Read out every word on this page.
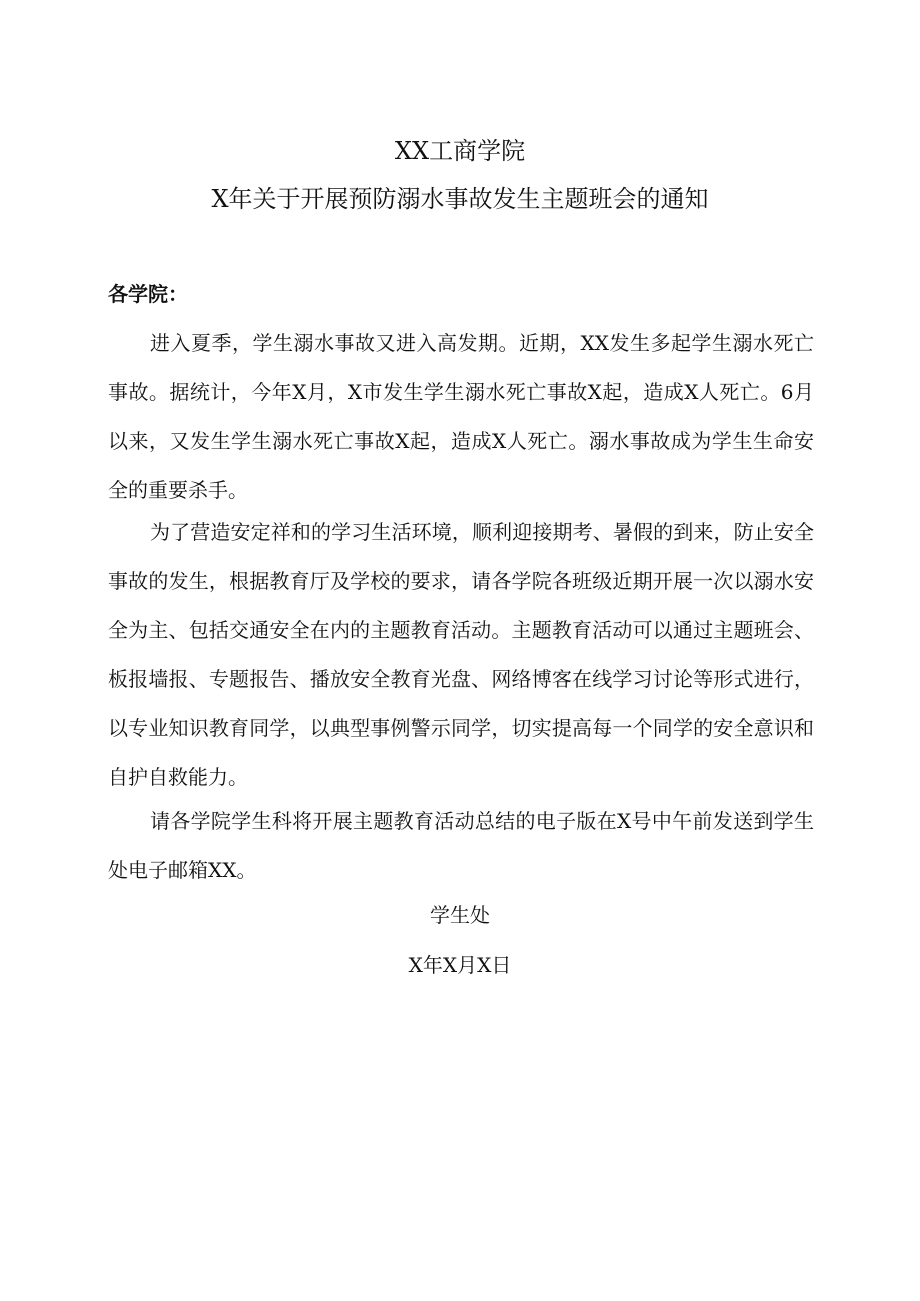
XX工商学院
X年关于开展预防溺水事故发生主题班会的通知
各学院：

进入夏季，学生溺水事故又进入高发期。近期，XX发生多起学生溺水死亡事故。据统计，今年X月，X市发生学生溺水死亡事故X起，造成X人死亡。6月以来，又发生学生溺水死亡事故X起，造成X人死亡。溺水事故成为学生生命安全的重要杀手。

为了营造安定祥和的学习生活环境，顺利迎接期考、暑假的到来，防止安全事故的发生，根据教育厅及学校的要求，请各学院各班级近期开展一次以溺水安全为主、包括交通安全在内的主题教育活动。主题教育活动可以通过主题班会、板报墙报、专题报告、播放安全教育光盘、网络博客在线学习讨论等形式进行，以专业知识教育同学，以典型事例警示同学，切实提高每一个同学的安全意识和自护自救能力。

请各学院学生科将开展主题教育活动总结的电子版在X号中午前发送到学生处电子邮箱XX。

学生处
X年X月X日
